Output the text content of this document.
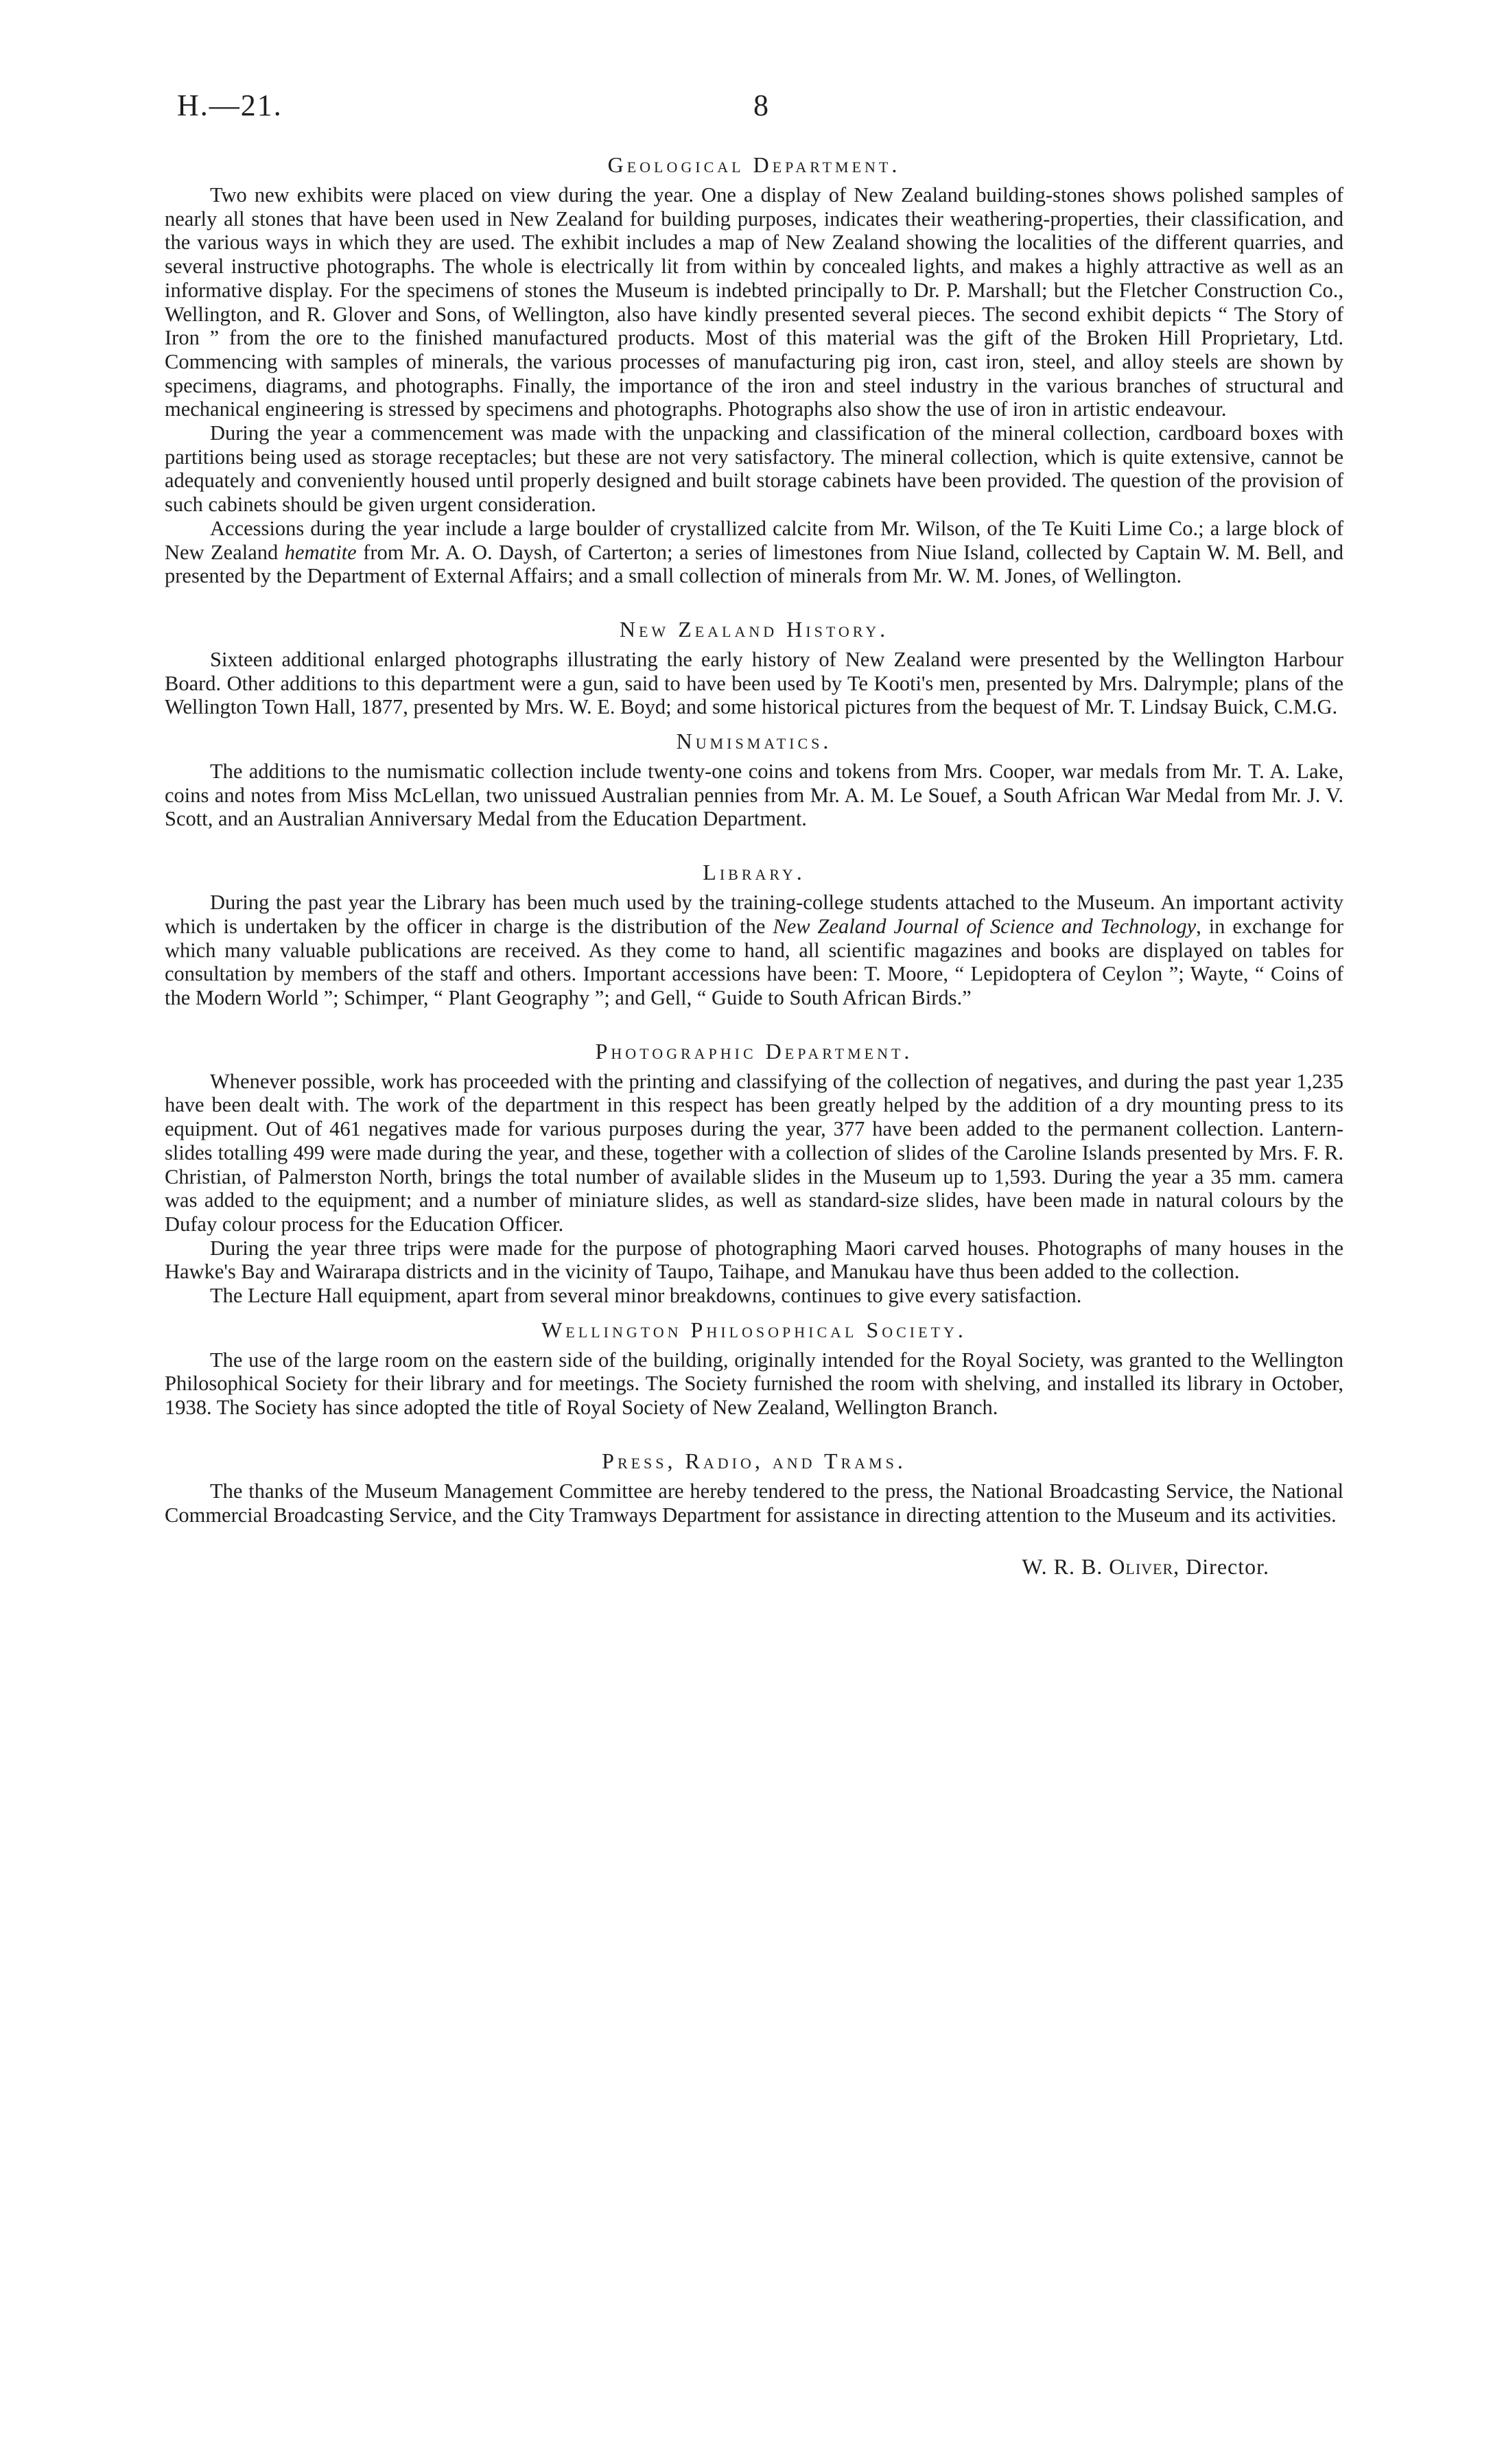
H.—21.	8
Geological Department.

Two new exhibits were placed on view during the year. One a display of New Zealand building-stones shows polished samples of nearly all stones that have been used in New Zealand for building purposes, indicates their weathering-properties, their classification, and the various ways in which they are used. The exhibit includes a map of New Zealand showing the localities of the different quarries, and several instructive photographs. The whole is electrically lit from within by concealed lights, and makes a highly attractive as well as an informative display. For the specimens of stones the Museum is indebted principally to Dr. P. Marshall; but the Fletcher Construction Co., Wellington, and R. Glover and Sons, of Wellington, also have kindly presented several pieces. The second exhibit depicts “ The Story of Iron ” from the ore to the finished manufactured products. Most of this material was the gift of the Broken Hill Proprietary, Ltd. Commencing with samples of minerals, the various processes of manufacturing pig iron, cast iron, steel, and alloy steels are shown by specimens, diagrams, and photographs. Finally, the importance of the iron and steel industry in the various branches of structural and mechanical engineering is stressed by specimens and photographs. Photographs also show the use of iron in artistic endeavour.

During the year a commencement was made with the unpacking and classification of the mineral collection, cardboard boxes with partitions being used as storage receptacles; but these are not very satisfactory. The mineral collection, which is quite extensive, cannot be adequately and conveniently housed until properly designed and built storage cabinets have been provided. The question of the provision of such cabinets should be given urgent consideration.

Accessions during the year include a large boulder of crystallized calcite from Mr. Wilson, of the Te Kuiti Lime Co.; a large block of New Zealand hematite from Mr. A. O. Daysh, of Carterton; a series of limestones from Niue Island, collected by Captain W. M. Bell, and presented by the Department of External Affairs; and a small collection of minerals from Mr. W. M. Jones, of Wellington.

New Zealand History.

Sixteen additional enlarged photographs illustrating the early history of New Zealand were presented by the Wellington Harbour Board. Other additions to this department were a gun, said to have been used by Te Kooti's men, presented by Mrs. Dalrymple; plans of the Wellington Town Hall, 1877, presented by Mrs. W. E. Boyd; and some historical pictures from the bequest of Mr. T. Lindsay Buick, C.M.G.

Numismatics.

The additions to the numismatic collection include twenty-one coins and tokens from Mrs. Cooper, war medals from Mr. T. A. Lake, coins and notes from Miss McLellan, two unissued Australian pennies from Mr. A. M. Le Souef, a South African War Medal from Mr. J. V. Scott, and an Australian Anniversary Medal from the Education Department.

Library.

During the past year the Library has been much used by the training-college students attached to the Museum. An important activity which is undertaken by the officer in charge is the distribution of the New Zealand Journal of Science and Technology, in exchange for which many valuable publications are received. As they come to hand, all scientific magazines and books are displayed on tables for consultation by members of the staff and others. Important accessions have been: T. Moore, “ Lepidoptera of Ceylon ”; Wayte, “ Coins of the Modern World ”; Schimper, “ Plant Geography ”; and Gell, “ Guide to South African Birds.”

Photographic Department.

Whenever possible, work has proceeded with the printing and classifying of the collection of negatives, and during the past year 1,235 have been dealt with. The work of the department in this respect has been greatly helped by the addition of a dry mounting press to its equipment. Out of 461 negatives made for various purposes during the year, 377 have been added to the permanent collection. Lantern-slides totalling 499 were made during the year, and these, together with a collection of slides of the Caroline Islands presented by Mrs. F. R. Christian, of Palmerston North, brings the total number of available slides in the Museum up to 1,593. During the year a 35 mm. camera was added to the equipment; and a number of miniature slides, as well as standard-size slides, have been made in natural colours by the Dufay colour process for the Education Officer.

During the year three trips were made for the purpose of photographing Maori carved houses. Photographs of many houses in the Hawke's Bay and Wairarapa districts and in the vicinity of Taupo, Taihape, and Manukau have thus been added to the collection.

The Lecture Hall equipment, apart from several minor breakdowns, continues to give every satisfaction.

Wellington Philosophical Society.

The use of the large room on the eastern side of the building, originally intended for the Royal Society, was granted to the Wellington Philosophical Society for their library and for meetings. The Society furnished the room with shelving, and installed its library in October, 1938. The Society has since adopted the title of Royal Society of New Zealand, Wellington Branch.

Press, Radio, and Trams.

The thanks of the Museum Management Committee are hereby tendered to the press, the National Broadcasting Service, the National Commercial Broadcasting Service, and the City Tramways Department for assistance in directing attention to the Museum and its activities.

W. R. B. Oliver, Director.
